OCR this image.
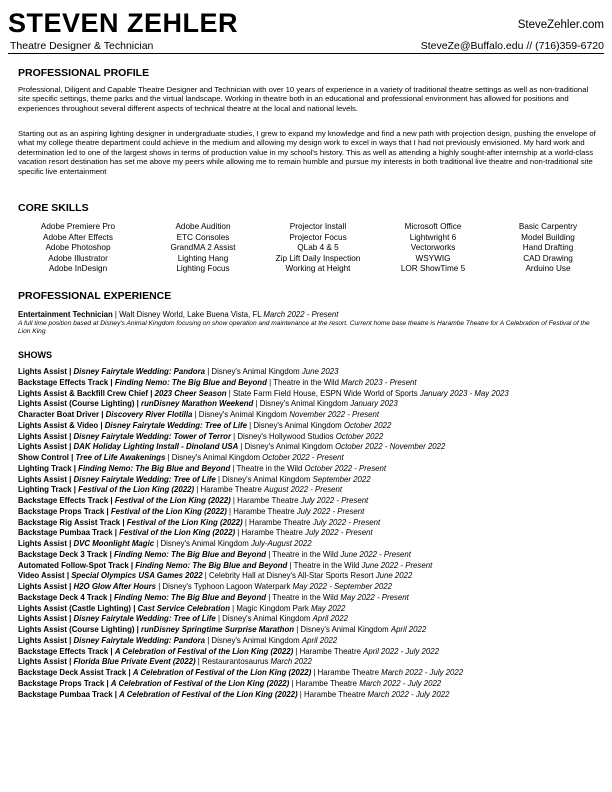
STEVEN ZEHLER
Theatre Designer & Technician
SteveZehler.com
SteveZe@Buffalo.edu // (716)359-6720
PROFESSIONAL PROFILE
Professional, Diligent and Capable Theatre Designer and Technician with over 10 years of experience in a variety of traditional theatre settings as well as non-traditional site specific settings, theme parks and the virtual landscape. Working in theatre both in an educational and professional environment has allowed for positions and experiences throughout several different aspects of technical theatre at the local and national levels.
Starting out as an aspiring lighting designer in undergraduate studies, I grew to expand my knowledge and find a new path with projection design, pushing the envelope of what my college theatre department could achieve in the medium and allowing my design work to excel in ways that I had not previously envisioned. My hard work and determination led to one of the largest shows in terms of production value in my school's history. This as well as attending a highly sought-after internship at a world-class vacation resort destination has set me above my peers while allowing me to remain humble and pursue my interests in both traditional live theatre and non-traditional site specific live entertainment
CORE SKILLS
Adobe Premiere Pro
Adobe After Effects
Adobe Photoshop
Adobe Illustrator
Adobe InDesign
Adobe Audition
ETC Consoles
GrandMA 2 Assist
Lighting Hang
Lighting Focus
Projector Install
Projector Focus
QLab 4 & 5
Zip Lift Daily Inspection
Working at Height
Microsoft Office
Lightwright 6
Vectorworks
WSYWIG
LOR ShowTime 5
Basic Carpentry
Model Building
Hand Drafting
CAD Drawing
Arduino Use
PROFESSIONAL EXPERIENCE
Entertainment Technician | Walt Disney World, Lake Buena Vista, FL March 2022 - Present
A full time position based at Disney's Animal Kingdom focusing on show operation and maintenance at the resort. Current home base theatre is Harambe Theatre for A Celebration of Festival of the Lion King
SHOWS
Lights Assist | Disney Fairytale Wedding: Pandora | Disney's Animal Kingdom June 2023
Backstage Effects Track | Finding Nemo: The Big Blue and Beyond | Theatre in the Wild March 2023 - Present
Lights Assist & Backfill Crew Chief | 2023 Cheer Season | State Farm Field House, ESPN Wide World of Sports January 2023 - May 2023
Lights Assist (Course Lighting) | runDisney Marathon Weekend | Disney's Animal Kingdom January 2023
Character Boat Driver | Discovery River Flotilla | Disney's Animal Kingdom November 2022 - Present
Lights Assist & Video | Disney Fairytale Wedding: Tree of Life | Disney's Animal Kingdom October 2022
Lights Assist | Disney Fairytale Wedding: Tower of Terror | Disney's Hollywood Studios October 2022
Lights Assist | DAK Holiday Lighting Install - Dinoland USA | Disney's Animal Kingdom October 2022 - November 2022
Show Control | Tree of Life Awakenings | Disney's Animal Kingdom October 2022 - Present
Lighting Track | Finding Nemo: The Big Blue and Beyond | Theatre in the Wild October 2022 - Present
Lights Assist | Disney Fairytale Wedding: Tree of Life | Disney's Animal Kingdom September 2022
Lighting Track | Festival of the Lion King (2022) | Harambe Theatre August 2022 - Present
Backstage Effects Track | Festival of the Lion King (2022) | Harambe Theatre July 2022 - Present
Backstage Props Track | Festival of the Lion King (2022) | Harambe Theatre July 2022 - Present
Backstage Rig Assist Track | Festival of the Lion King (2022) | Harambe Theatre July 2022 - Present
Backstage Pumbaa Track | Festival of the Lion King (2022) | Harambe Theatre July 2022 - Present
Lights Assist | DVC Moonlight Magic | Disney's Animal Kingdom July-August 2022
Backstage Deck 3 Track | Finding Nemo: The Big Blue and Beyond | Theatre in the Wild June 2022 - Present
Automated Follow-Spot Track | Finding Nemo: The Big Blue and Beyond | Theatre in the Wild June 2022 - Present
Video Assist | Special Olympics USA Games 2022 | Celebrity Hall at Disney's All-Star Sports Resort June 2022
Lights Assist | H2O Glow After Hours | Disney's Typhoon Lagoon Waterpark May 2022 - September 2022
Backstage Deck 4 Track | Finding Nemo: The Big Blue and Beyond | Theatre in the Wild May 2022 - Present
Lights Assist (Castle Lighting) | Cast Service Celebration | Magic Kingdom Park May 2022
Lights Assist | Disney Fairytale Wedding: Tree of Life | Disney's Animal Kingdom April 2022
Lights Assist (Course Lighting) | runDisney Springtime Surprise Marathon | Disney's Animal Kingdom April 2022
Lights Assist | Disney Fairytale Wedding: Pandora | Disney's Animal Kingdom April 2022
Backstage Effects Track | A Celebration of Festival of the Lion King (2022) | Harambe Theatre April 2022 - July 2022
Lights Assist | Florida Blue Private Event (2022) | Restaurantosaurus March 2022
Backstage Deck Assist Track | A Celebration of Festival of the Lion King (2022) | Harambe Theatre March 2022 - July 2022
Backstage Props Track | A Celebration of Festival of the Lion King (2022) | Harambe Theatre March 2022 - July 2022
Backstage Pumbaa Track | A Celebration of Festival of the Lion King (2022) | Harambe Theatre March 2022 - July 2022
